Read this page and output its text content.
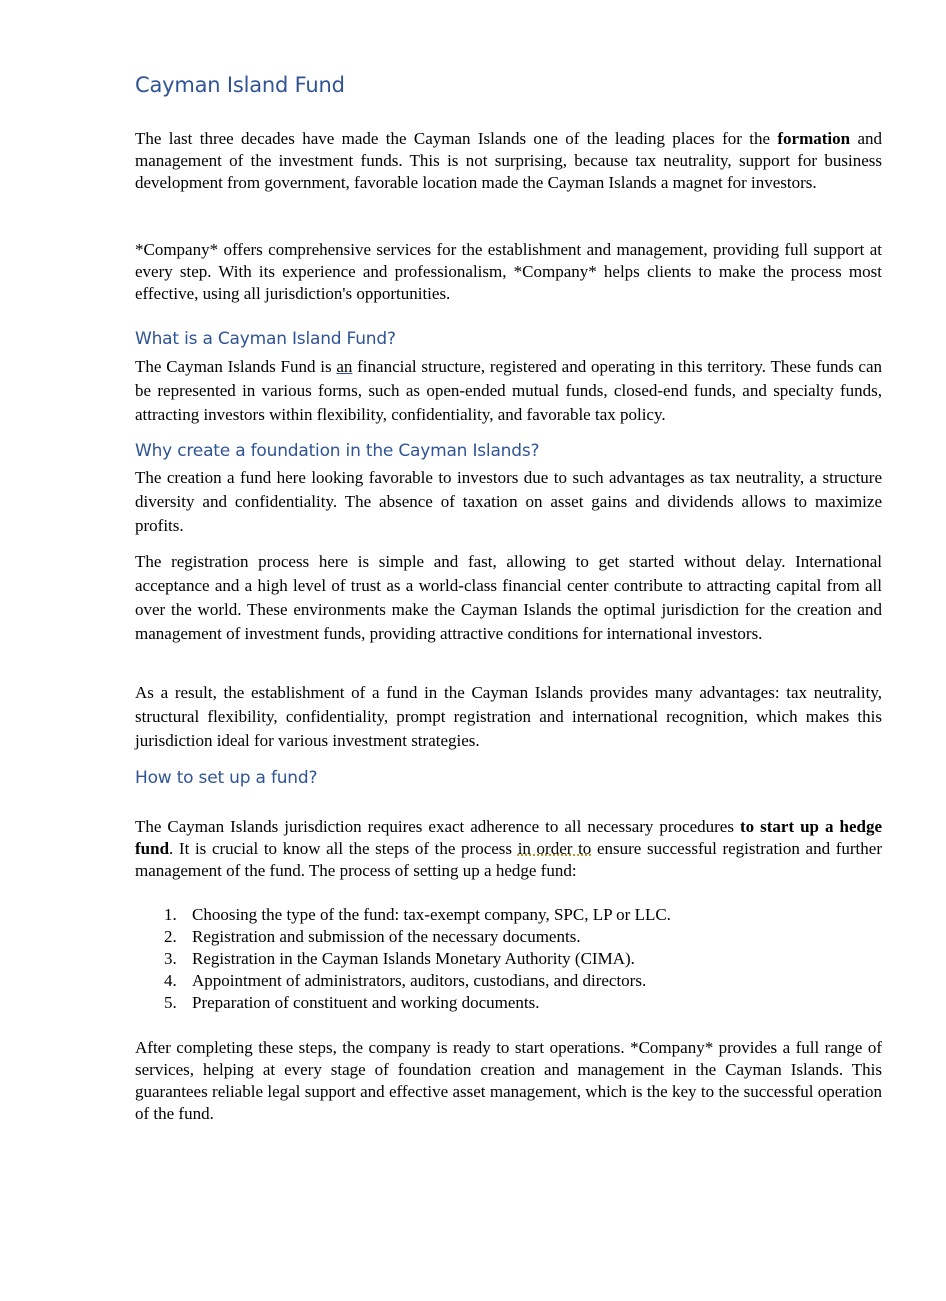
Cayman Island Fund

The last three decades have made the Cayman Islands one of the leading places for the formation and management of the investment funds. This is not surprising, because tax neutrality, support for business development from government, favorable location made the Cayman Islands a magnet for investors.

*Company* offers comprehensive services for the establishment and management, providing full support at every step. With its experience and professionalism, *Company* helps clients to make the process most effective, using all jurisdiction's opportunities.

What is a Cayman Island Fund?

The Cayman Islands Fund is an financial structure, registered and operating in this territory. These funds can be represented in various forms, such as open-ended mutual funds, closed-end funds, and specialty funds, attracting investors within flexibility, confidentiality, and favorable tax policy.

Why create a foundation in the Cayman Islands?

The creation a fund here looking favorable to investors due to such advantages as tax neutrality, a structure diversity and confidentiality. The absence of taxation on asset gains and dividends allows to maximize profits.

The registration process here is simple and fast, allowing to get started without delay. International acceptance and a high level of trust as a world-class financial center contribute to attracting capital from all over the world. These environments make the Cayman Islands the optimal jurisdiction for the creation and management of investment funds, providing attractive conditions for international investors.

As a result, the establishment of a fund in the Cayman Islands provides many advantages: tax neutrality, structural flexibility, confidentiality, prompt registration and international recognition, which makes this jurisdiction ideal for various investment strategies.

How to set up a fund?

The Cayman Islands jurisdiction requires exact adherence to all necessary procedures to start up a hedge fund. It is crucial to know all the steps of the process in order to ensure successful registration and further management of the fund. The process of setting up a hedge fund:

1. Choosing the type of the fund: tax-exempt company, SPC, LP or LLC.
2. Registration and submission of the necessary documents.
3. Registration in the Cayman Islands Monetary Authority (CIMA).
4. Appointment of administrators, auditors, custodians, and directors.
5. Preparation of constituent and working documents.

After completing these steps, the company is ready to start operations. *Company* provides a full range of services, helping at every stage of foundation creation and management in the Cayman Islands. This guarantees reliable legal support and effective asset management, which is the key to the successful operation of the fund.
